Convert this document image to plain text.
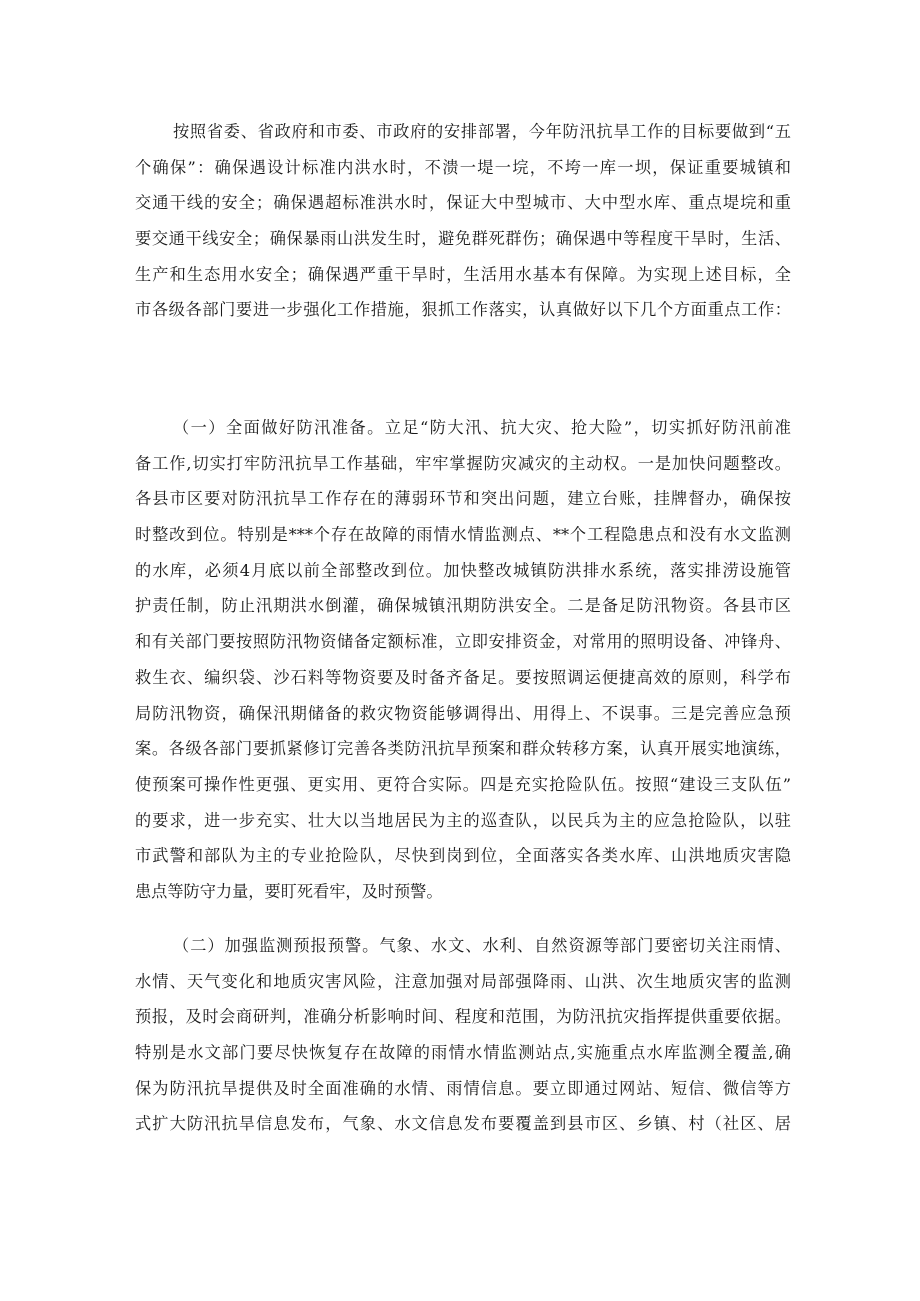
按照省委、省政府和市委、市政府的安排部署，今年防汛抗旱工作的目标要做到“五
个确保”：确保遇设计标准内洪水时，不溃一堤一垸，不垮一库一坝，保证重要城镇和
交通干线的安全；确保遇超标准洪水时，保证大中型城市、大中型水库、重点堤垸和重
要交通干线安全；确保暴雨山洪发生时，避免群死群伤；确保遇中等程度干旱时，生活、
生产和生态用水安全；确保遇严重干旱时，生活用水基本有保障。为实现上述目标，全
市各级各部门要进一步强化工作措施，狠抓工作落实，认真做好以下几个方面重点工作：
（一）全面做好防汛准备。立足“防大汛、抗大灾、抢大险”，切实抓好防汛前准
备工作,切实打牢防汛抗旱工作基础，牢牢掌握防灾减灾的主动权。一是加快问题整改。
各县市区要对防汛抗旱工作存在的薄弱环节和突出问题，建立台账，挂牌督办，确保按
时整改到位。特别是***个存在故障的雨情水情监测点、**个工程隐患点和没有水文监测
的水库，必须4月底以前全部整改到位。加快整改城镇防洪排水系统，落实排涝设施管
护责任制，防止汛期洪水倒灌，确保城镇汛期防洪安全。二是备足防汛物资。各县市区
和有关部门要按照防汛物资储备定额标准，立即安排资金，对常用的照明设备、冲锋舟、
救生衣、编织袋、沙石料等物资要及时备齐备足。要按照调运便捷高效的原则，科学布
局防汛物资，确保汛期储备的救灾物资能够调得出、用得上、不误事。三是完善应急预
案。各级各部门要抓紧修订完善各类防汛抗旱预案和群众转移方案，认真开展实地演练，
使预案可操作性更强、更实用、更符合实际。四是充实抢险队伍。按照“建设三支队伍”
的要求，进一步充实、壮大以当地居民为主的巡查队，以民兵为主的应急抢险队，以驻
市武警和部队为主的专业抢险队，尽快到岗到位，全面落实各类水库、山洪地质灾害隐
患点等防守力量，要盯死看牢，及时预警。
（二）加强监测预报预警。气象、水文、水利、自然资源等部门要密切关注雨情、
水情、天气变化和地质灾害风险，注意加强对局部强降雨、山洪、次生地质灾害的监测
预报，及时会商研判，准确分析影响时间、程度和范围，为防汛抗灾指挥提供重要依据。
特别是水文部门要尽快恢复存在故障的雨情水情监测站点,实施重点水库监测全覆盖,确
保为防汛抗旱提供及时全面准确的水情、雨情信息。要立即通过网站、短信、微信等方
式扩大防汛抗旱信息发布，气象、水文信息发布要覆盖到县市区、乡镇、村（社区、居
